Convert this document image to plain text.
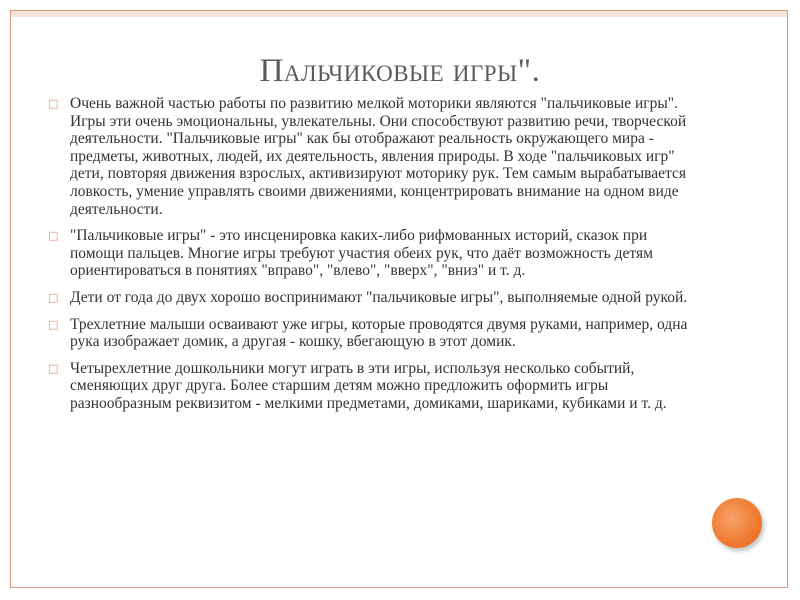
Пальчиковые игры".
□ Очень важной частью работы по развитию мелкой моторики являются "пальчиковые игры". Игры эти очень эмоциональны, увлекательны. Они способствуют развитию речи, творческой деятельности. "Пальчиковые игры" как бы отображают реальность окружающего мира - предметы, животных, людей, их деятельность, явления природы. В ходе "пальчиковых игр" дети, повторяя движения взрослых, активизируют моторику рук. Тем самым вырабатывается ловкость, умение управлять своими движениями, концентрировать внимание на одном виде деятельности.
□ "Пальчиковые игры" - это инсценировка каких-либо рифмованных историй, сказок при помощи пальцев. Многие игры требуют участия обеих рук, что даёт возможность детям ориентироваться в понятиях "вправо", "влево", "вверх", "вниз" и т. д.
□ Дети от года до двух хорошо воспринимают "пальчиковые игры", выполняемые одной рукой.
□ Трехлетние малыши осваивают уже игры, которые проводятся двумя руками, например, одна рука изображает домик, а другая - кошку, вбегающую в этот домик.
□ Четырехлетние дошкольники могут играть в эти игры, используя несколько событий, сменяющих друг друга. Более старшим детям можно предложить оформить игры разнообразным реквизитом - мелкими предметами, домиками, шариками, кубиками и т. д.
